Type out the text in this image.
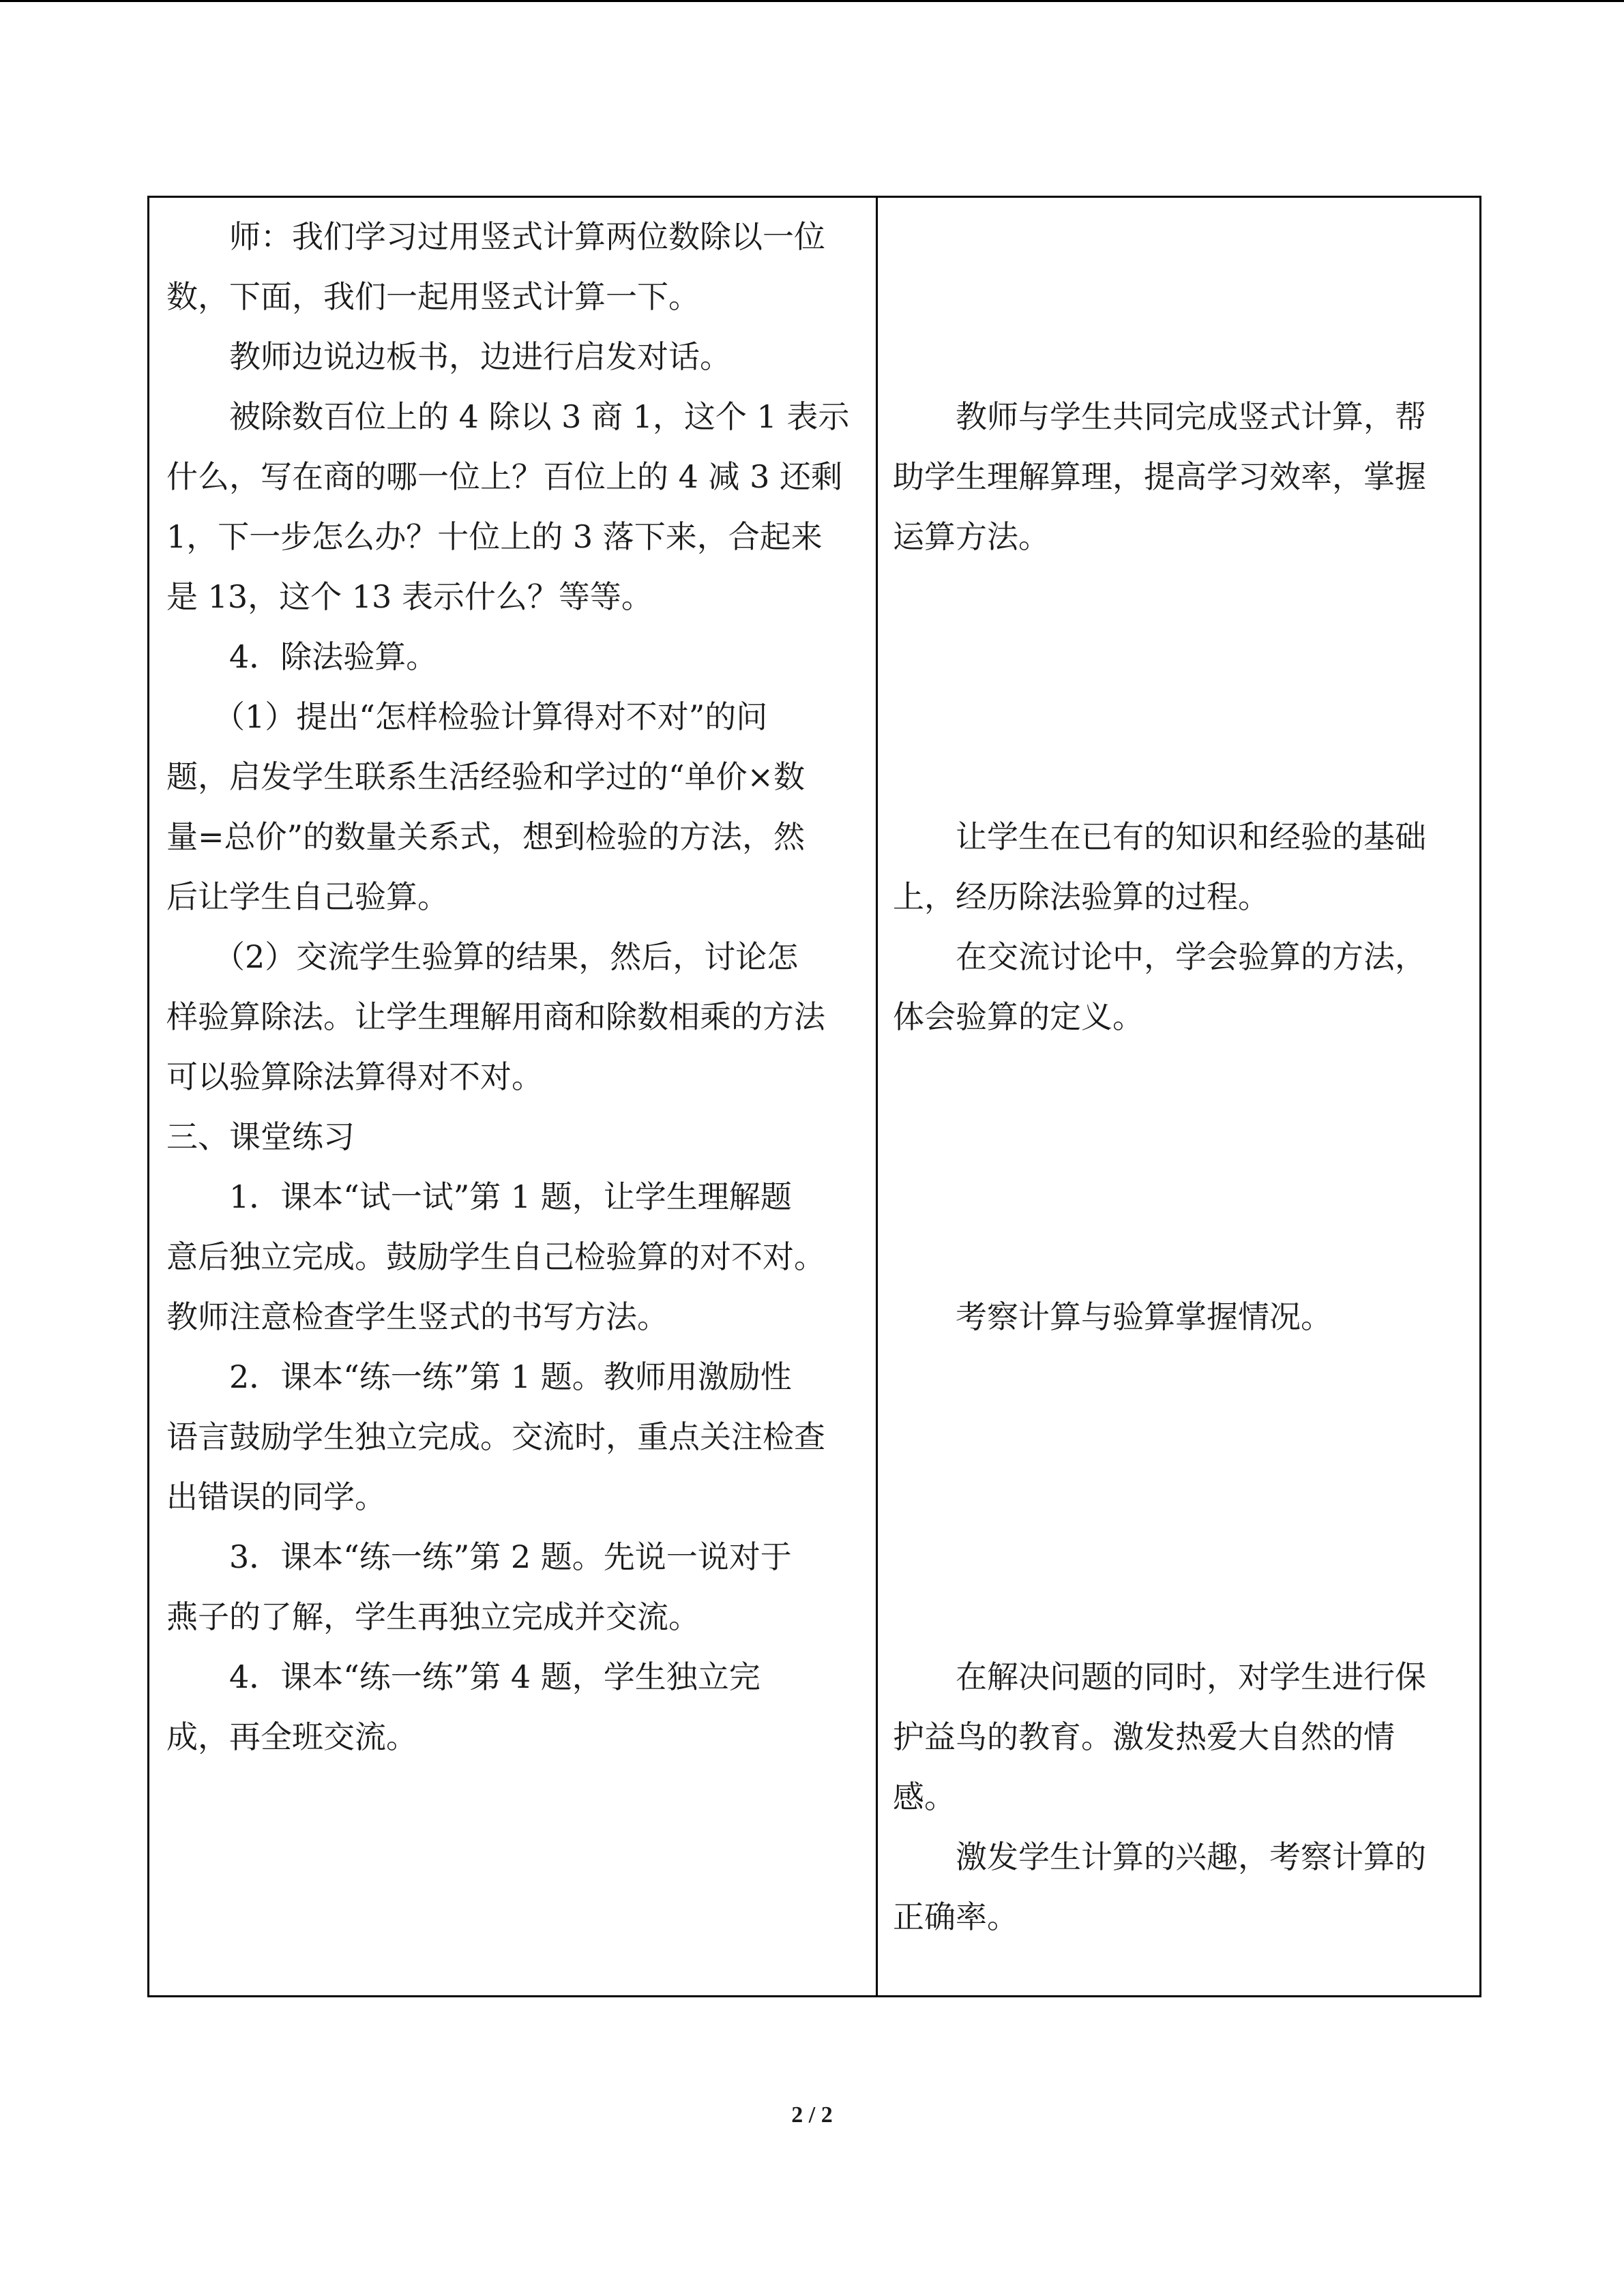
　　师：我们学习过用竖式计算两位数除以一位
数，下面，我们一起用竖式计算一下。
　　教师边说边板书，边进行启发对话。
　　被除数百位上的 4 除以 3 商 1，这个 1 表示
什么，写在商的哪一位上？百位上的 4 减 3 还剩
1，下一步怎么办？十位上的 3 落下来，合起来
是 13，这个 13 表示什么？等等。
　　4．除法验算。
　　（1）提出“怎样检验计算得对不对”的问
题，启发学生联系生活经验和学过的“单价×数
量=总价”的数量关系式，想到检验的方法，然
后让学生自己验算。
　　（2）交流学生验算的结果，然后，讨论怎
样验算除法。让学生理解用商和除数相乘的方法
可以验算除法算得对不对。
三、课堂练习
　　1．课本“试一试”第 1 题，让学生理解题
意后独立完成。鼓励学生自己检验算的对不对。
教师注意检查学生竖式的书写方法。
　　2．课本“练一练”第 1 题。教师用激励性
语言鼓励学生独立完成。交流时，重点关注检查
出错误的同学。
　　3．课本“练一练”第 2 题。先说一说对于
燕子的了解，学生再独立完成并交流。
　　4．课本“练一练”第 4 题，学生独立完
成，再全班交流。
　　教师与学生共同完成竖式计算，帮
助学生理解算理，提高学习效率，掌握
运算方法。
　　让学生在已有的知识和经验的基础
上，经历除法验算的过程。
　　在交流讨论中，学会验算的方法，
体会验算的定义。
　　考察计算与验算掌握情况。
　　在解决问题的同时，对学生进行保
护益鸟的教育。激发热爱大自然的情
感。
　　激发学生计算的兴趣，考察计算的
正确率。
2 / 2
